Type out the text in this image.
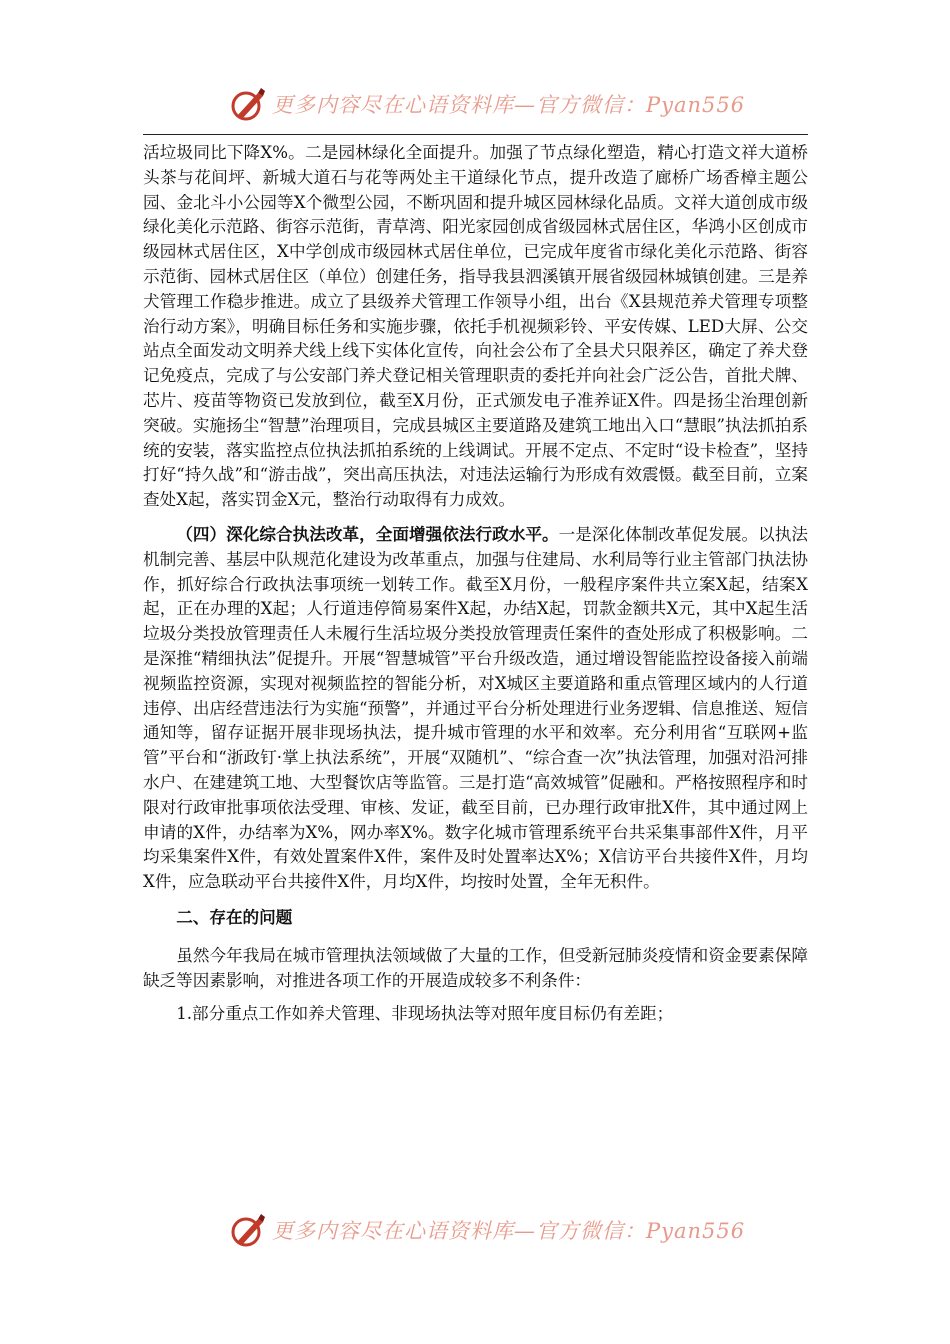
更多内容尽在心语资料库—官方微信：Pyan556

活垃圾同比下降X%。二是园林绿化全面提升。加强了节点绿化塑造，精心打造文祥大道桥头茶与花间坪、新城大道石与花等两处主干道绿化节点，提升改造了廊桥广场香樟主题公园、金北斗小公园等X个微型公园，不断巩固和提升城区园林绿化品质。文祥大道创成市级绿化美化示范路、街容示范街，青草湾、阳光家园创成省级园林式居住区，华鸿小区创成市级园林式居住区，X中学创成市级园林式居住单位，已完成年度省市绿化美化示范路、街容示范街、园林式居住区（单位）创建任务，指导我县泗溪镇开展省级园林城镇创建。三是养犬管理工作稳步推进。成立了县级养犬管理工作领导小组，出台《X县规范养犬管理专项整治行动方案》，明确目标任务和实施步骤，依托手机视频彩铃、平安传媒、LED大屏、公交站点全面发动文明养犬线上线下实体化宣传，向社会公布了全县犬只限养区，确定了养犬登记免疫点，完成了与公安部门养犬登记相关管理职责的委托并向社会广泛公告，首批犬牌、芯片、疫苗等物资已发放到位，截至X月份，正式颁发电子准养证X件。四是扬尘治理创新突破。实施扬尘“智慧”治理项目，完成县城区主要道路及建筑工地出入口“慧眼”执法抓拍系统的安装，落实监控点位执法抓拍系统的上线调试。开展不定点、不定时“设卡检查”，坚持打好“持久战”和“游击战”，突出高压执法，对违法运输行为形成有效震慑。截至目前，立案查处X起，落实罚金X元，整治行动取得有力成效。

（四）深化综合执法改革，全面增强依法行政水平。一是深化体制改革促发展。以执法机制完善、基层中队规范化建设为改革重点，加强与住建局、水利局等行业主管部门执法协作，抓好综合行政执法事项统一划转工作。截至X月份，一般程序案件共立案X起，结案X起，正在办理的X起；人行道违停简易案件X起，办结X起，罚款金额共X元，其中X起生活垃圾分类投放管理责任人未履行生活垃圾分类投放管理责任案件的查处形成了积极影响。二是深推“精细执法”促提升。开展“智慧城管”平台升级改造，通过增设智能监控设备接入前端视频监控资源，实现对视频监控的智能分析，对X城区主要道路和重点管理区域内的人行道违停、出店经营违法行为实施“预警”，并通过平台分析处理进行业务逻辑、信息推送、短信通知等，留存证据开展非现场执法，提升城市管理的水平和效率。充分利用省“互联网+监管”平台和“浙政钉·掌上执法系统”，开展“双随机”、“综合查一次”执法管理，加强对沿河排水户、在建建筑工地、大型餐饮店等监管。三是打造“高效城管”促融和。严格按照程序和时限对行政审批事项依法受理、审核、发证，截至目前，已办理行政审批X件，其中通过网上申请的X件，办结率为X%，网办率X%。数字化城市管理系统平台共采集事部件X件，月平均采集案件X件，有效处置案件X件，案件及时处置率达X%；X信访平台共接件X件，月均X件，应急联动平台共接件X件，月均X件，均按时处置，全年无积件。

二、存在的问题

虽然今年我局在城市管理执法领域做了大量的工作，但受新冠肺炎疫情和资金要素保障缺乏等因素影响，对推进各项工作的开展造成较多不利条件：

1.部分重点工作如养犬管理、非现场执法等对照年度目标仍有差距；

更多内容尽在心语资料库—官方微信：Pyan556
